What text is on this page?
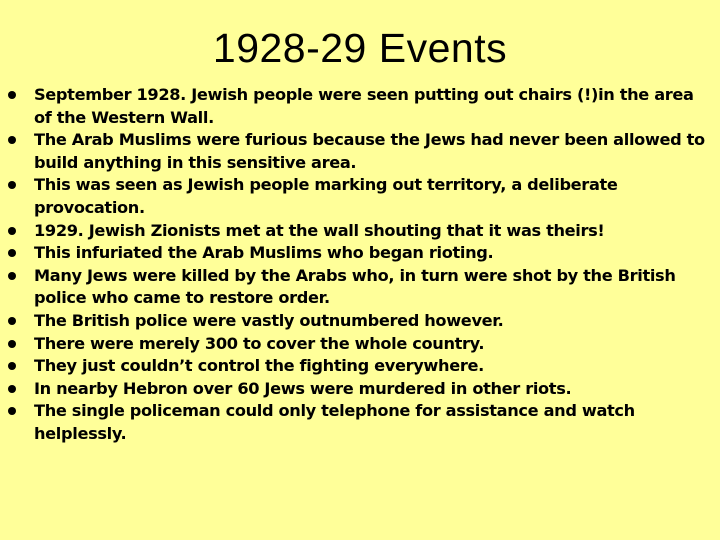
1928-29 Events
September 1928. Jewish people were seen putting out chairs (!)in the area of the Western Wall.
The Arab Muslims were furious because the Jews had never been allowed to build anything in this sensitive area.
This was seen as Jewish people marking out territory, a deliberate provocation.
1929. Jewish Zionists met at the wall shouting that it was theirs!
This infuriated the Arab Muslims who began rioting.
Many Jews were killed by the Arabs who, in turn were shot by the British police who came to restore order.
The British police were vastly outnumbered however.
There were merely 300 to cover the whole country.
They just couldn’t control the fighting everywhere.
In nearby Hebron over 60 Jews were murdered in other riots.
The single policeman could only telephone for assistance and watch helplessly.
